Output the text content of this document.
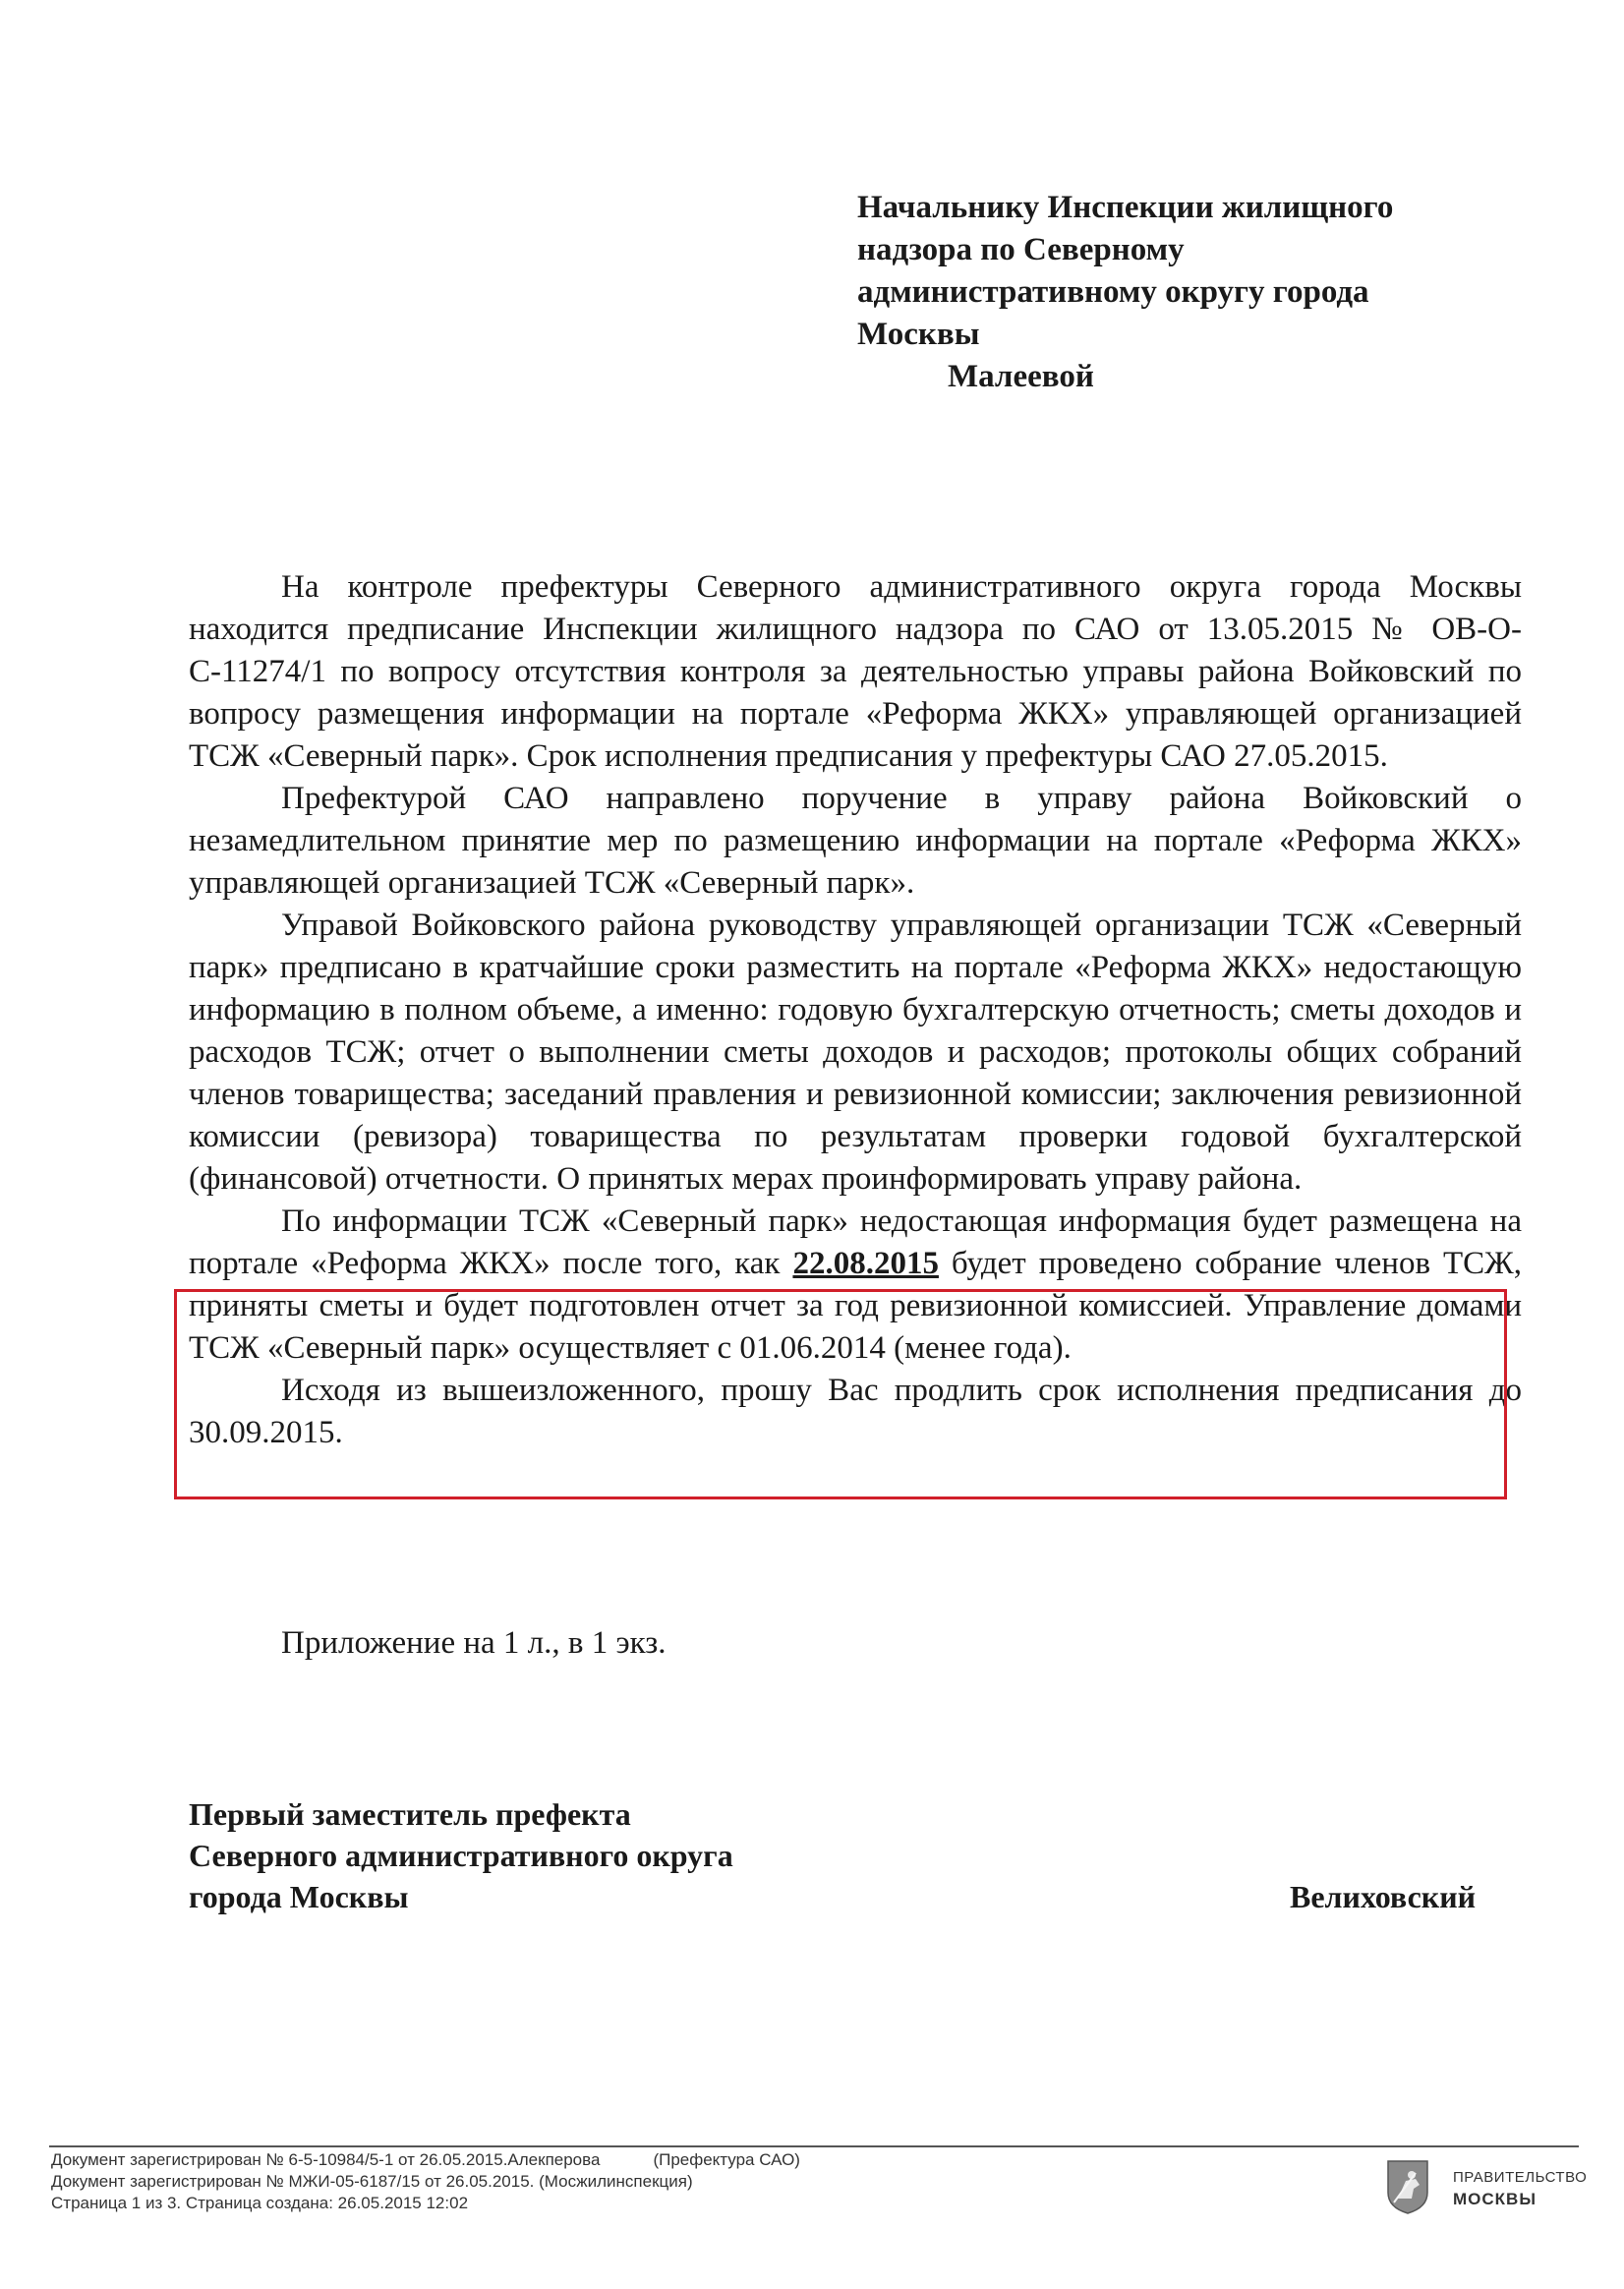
Начальнику Инспекции жилищного
надзора по Северному
административному округу города
Москвы
Малеевой

На контроле префектуры Северного административного округа города Москвы находится предписание Инспекции жилищного надзора по САО от 13.05.2015 № ОВ-О-С-11274/1 по вопросу отсутствия контроля за деятельностью управы района Войковский по вопросу размещения информации на портале «Реформа ЖКХ» управляющей организацией ТСЖ «Северный парк». Срок исполнения предписания у префектуры САО 27.05.2015.

Префектурой САО направлено поручение в управу района Войковский о незамедлительном принятие мер по размещению информации на портале «Реформа ЖКХ» управляющей организацией ТСЖ «Северный парк».

Управой Войковского района руководству управляющей организации ТСЖ «Северный парк» предписано в кратчайшие сроки разместить на портале «Реформа ЖКХ» недостающую информацию в полном объеме, а именно: годовую бухгалтерскую отчетность; сметы доходов и расходов ТСЖ; отчет о выполнении сметы доходов и расходов; протоколы общих собраний членов товарищества; заседаний правления и ревизионной комиссии; заключения ревизионной комиссии (ревизора) товарищества по результатам проверки годовой бухгалтерской (финансовой) отчетности. О принятых мерах проинформировать управу района.

По информации ТСЖ «Северный парк» недостающая информация будет размещена на портале «Реформа ЖКХ» после того, как 22.08.2015 будет проведено собрание членов ТСЖ, приняты сметы и будет подготовлен отчет за год ревизионной комиссией. Управление домами ТСЖ «Северный парк» осуществляет с 01.06.2014 (менее года).

Исходя из вышеизложенного, прошу Вас продлить срок исполнения предписания до 30.09.2015.

Приложение на 1 л., в 1 экз.
Первый заместитель префекта
Северного административного округа
города Москвы	Велиховский
Документ зарегистрирован № 6-5-10984/5-1 от 26.05.2015.Алекперова	(Префектура САО)
Документ зарегистрирован № МЖИ-05-6187/15 от 26.05.2015. (Мосжилинспекция)
Страница 1 из 3. Страница создана: 26.05.2015 12:02
ПРАВИТЕЛЬСТВО
МОСКВЫ
